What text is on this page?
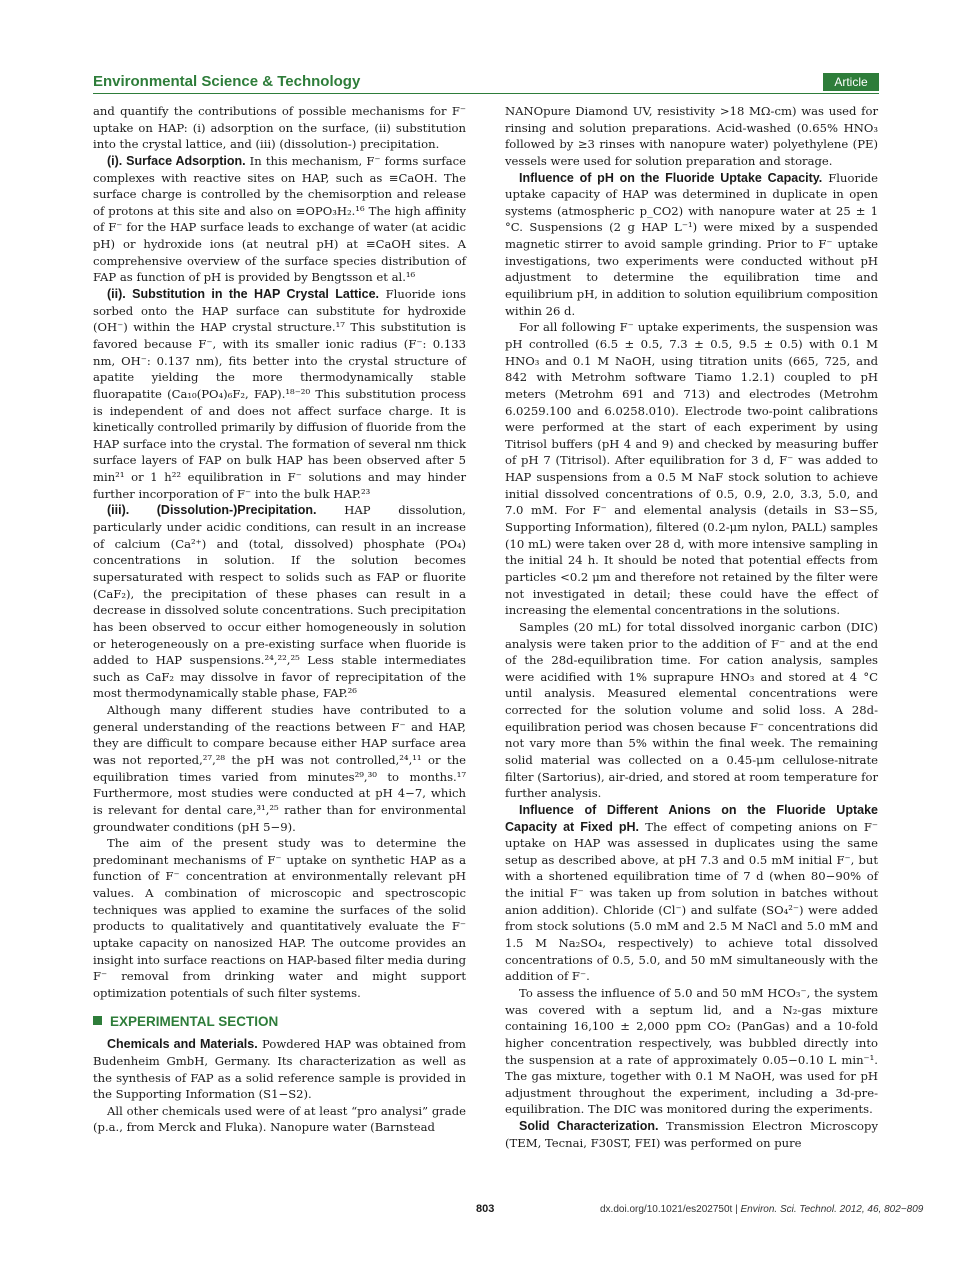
Environmental Science & Technology	Article

and quantify the contributions of possible mechanisms for F⁻ uptake on HAP: (i) adsorption on the surface, (ii) substitution into the crystal lattice, and (iii) (dissolution-) precipitation.

(i). Surface Adsorption. In this mechanism, F⁻ forms surface complexes with reactive sites on HAP, such as ≡CaOH. The surface charge is controlled by the chemisorption and release of protons at this site and also on ≡OPO₃H₂.¹⁶ The high affinity of F⁻ for the HAP surface leads to exchange of water (at acidic pH) or hydroxide ions (at neutral pH) at ≡CaOH sites. A comprehensive overview of the surface species distribution of FAP as function of pH is provided by Bengtsson et al.¹⁶

(ii). Substitution in the HAP Crystal Lattice. Fluoride ions sorbed onto the HAP surface can substitute for hydroxide (OH⁻) within the HAP crystal structure.¹⁷ This substitution is favored because F⁻, with its smaller ionic radius (F⁻: 0.133 nm, OH⁻: 0.137 nm), fits better into the crystal structure of apatite yielding the more thermodynamically stable fluorapatite (Ca₁₀(PO₄)₆F₂, FAP).¹⁸⁻²⁰ This substitution process is independent of and does not affect surface charge. It is kinetically controlled primarily by diffusion of fluoride from the HAP surface into the crystal. The formation of several nm thick surface layers of FAP on bulk HAP has been observed after 5 min²¹ or 1 h²² equilibration in F⁻ solutions and may hinder further incorporation of F⁻ into the bulk HAP.²³

(iii). (Dissolution-)Precipitation. HAP dissolution, particularly under acidic conditions, can result in an increase of calcium (Ca²⁺) and (total, dissolved) phosphate (PO₄) concentrations in solution. If the solution becomes supersaturated with respect to solids such as FAP or fluorite (CaF₂), the precipitation of these phases can result in a decrease in dissolved solute concentrations. Such precipitation has been observed to occur either homogeneously in solution or heterogeneously on a pre-existing surface when fluoride is added to HAP suspensions.²⁴,²²,²⁵ Less stable intermediates such as CaF₂ may dissolve in favor of reprecipitation of the most thermodynamically stable phase, FAP.²⁶

Although many different studies have contributed to a general understanding of the reactions between F⁻ and HAP, they are difficult to compare because either HAP surface area was not reported,²⁷,²⁸ the pH was not controlled,²⁴,¹¹ or the equilibration times varied from minutes²⁹,³⁰ to months.¹⁷ Furthermore, most studies were conducted at pH 4−7, which is relevant for dental care,³¹,²⁵ rather than for environmental groundwater conditions (pH 5−9).

The aim of the present study was to determine the predominant mechanisms of F⁻ uptake on synthetic HAP as a function of F⁻ concentration at environmentally relevant pH values. A combination of microscopic and spectroscopic techniques was applied to examine the surfaces of the solid products to qualitatively and quantitatively evaluate the F⁻ uptake capacity on nanosized HAP. The outcome provides an insight into surface reactions on HAP-based filter media during F⁻ removal from drinking water and might support optimization potentials of such filter systems.

EXPERIMENTAL SECTION

Chemicals and Materials. Powdered HAP was obtained from Budenheim GmbH, Germany. Its characterization as well as the synthesis of FAP as a solid reference sample is provided in the Supporting Information (S1−S2).

All other chemicals used were of at least “pro analysi” grade (p.a., from Merck and Fluka). Nanopure water (Barnstead

NANOpure Diamond UV, resistivity >18 MΩ-cm) was used for rinsing and solution preparations. Acid-washed (0.65% HNO₃ followed by ≥3 rinses with nanopure water) polyethylene (PE) vessels were used for solution preparation and storage.

Influence of pH on the Fluoride Uptake Capacity. Fluoride uptake capacity of HAP was determined in duplicate in open systems (atmospheric p_CO2) with nanopure water at 25 ± 1 °C. Suspensions (2 g HAP L⁻¹) were mixed by a suspended magnetic stirrer to avoid sample grinding. Prior to F⁻ uptake investigations, two experiments were conducted without pH adjustment to determine the equilibration time and equilibrium pH, in addition to solution equilibrium composition within 26 d.

For all following F⁻ uptake experiments, the suspension was pH controlled (6.5 ± 0.5, 7.3 ± 0.5, 9.5 ± 0.5) with 0.1 M HNO₃ and 0.1 M NaOH, using titration units (665, 725, and 842 with Metrohm software Tiamo 1.2.1) coupled to pH meters (Metrohm 691 and 713) and electrodes (Metrohm 6.0259.100 and 6.0258.010). Electrode two-point calibrations were performed at the start of each experiment by using Titrisol buffers (pH 4 and 9) and checked by measuring buffer of pH 7 (Titrisol). After equilibration for 3 d, F⁻ was added to HAP suspensions from a 0.5 M NaF stock solution to achieve initial dissolved concentrations of 0.5, 0.9, 2.0, 3.3, 5.0, and 7.0 mM. For F⁻ and elemental analysis (details in S3−S5, Supporting Information), filtered (0.2-μm nylon, PALL) samples (10 mL) were taken over 28 d, with more intensive sampling in the initial 24 h. It should be noted that potential effects from particles <0.2 μm and therefore not retained by the filter were not investigated in detail; these could have the effect of increasing the elemental concentrations in the solutions.

Samples (20 mL) for total dissolved inorganic carbon (DIC) analysis were taken prior to the addition of F⁻ and at the end of the 28d-equilibration time. For cation analysis, samples were acidified with 1% suprapure HNO₃ and stored at 4 °C until analysis. Measured elemental concentrations were corrected for the solution volume and solid loss. A 28d-equilibration period was chosen because F⁻ concentrations did not vary more than 5% within the final week. The remaining solid material was collected on a 0.45-μm cellulose-nitrate filter (Sartorius), air-dried, and stored at room temperature for further analysis.

Influence of Different Anions on the Fluoride Uptake Capacity at Fixed pH. The effect of competing anions on F⁻ uptake on HAP was assessed in duplicates using the same setup as described above, at pH 7.3 and 0.5 mM initial F⁻, but with a shortened equilibration time of 7 d (when 80−90% of the initial F⁻ was taken up from solution in batches without anion addition). Chloride (Cl⁻) and sulfate (SO₄²⁻) were added from stock solutions (5.0 mM and 2.5 M NaCl and 5.0 mM and 1.5 M Na₂SO₄, respectively) to achieve total dissolved concentrations of 0.5, 5.0, and 50 mM simultaneously with the addition of F⁻.

To assess the influence of 5.0 and 50 mM HCO₃⁻, the system was covered with a septum lid, and a N₂-gas mixture containing 16,100 ± 2,000 ppm CO₂ (PanGas) and a 10-fold higher concentration respectively, was bubbled directly into the suspension at a rate of approximately 0.05−0.10 L min⁻¹. The gas mixture, together with 0.1 M NaOH, was used for pH adjustment throughout the experiment, including a 3d-pre-equilibration. The DIC was monitored during the experiments.

Solid Characterization. Transmission Electron Microscopy (TEM, Tecnai, F30ST, FEI) was performed on pure

803	dx.doi.org/10.1021/es202750t | Environ. Sci. Technol. 2012, 46, 802−809
